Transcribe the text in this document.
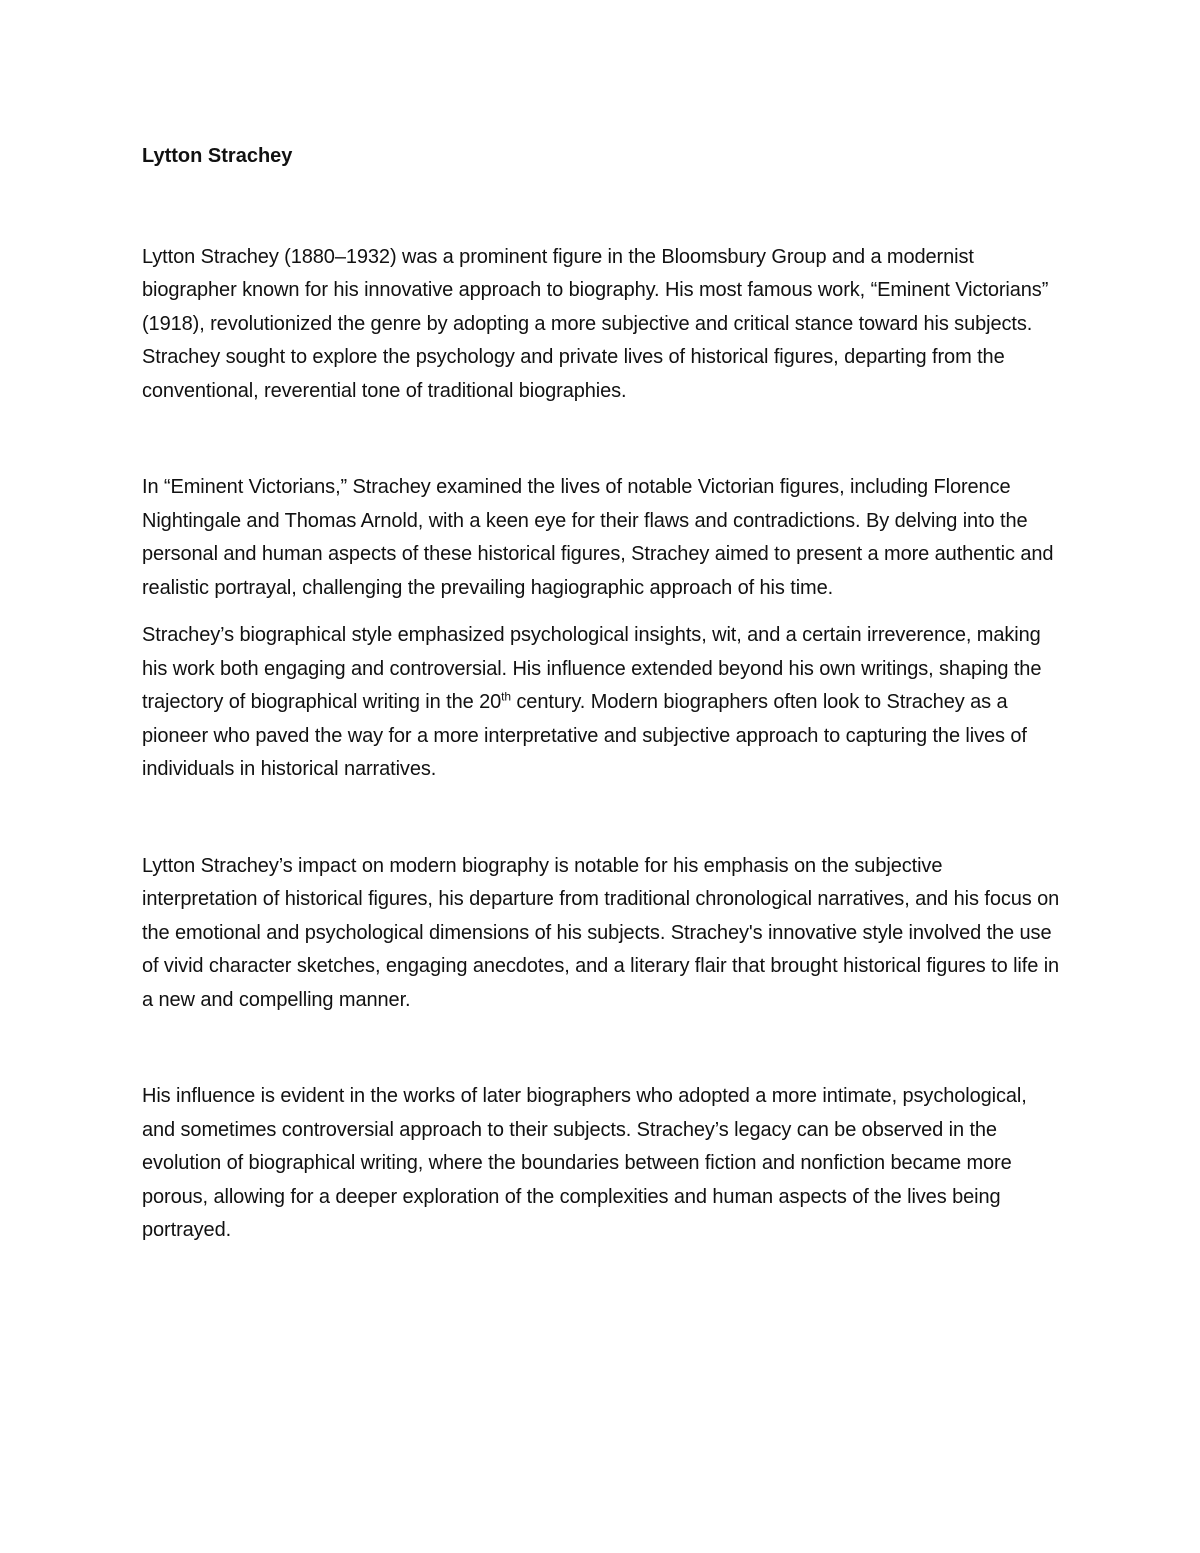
Lytton Strachey

Lytton Strachey (1880–1932) was a prominent figure in the Bloomsbury Group and a modernist biographer known for his innovative approach to biography. His most famous work, “Eminent Victorians” (1918), revolutionized the genre by adopting a more subjective and critical stance toward his subjects. Strachey sought to explore the psychology and private lives of historical figures, departing from the conventional, reverential tone of traditional biographies.

In “Eminent Victorians,” Strachey examined the lives of notable Victorian figures, including Florence Nightingale and Thomas Arnold, with a keen eye for their flaws and contradictions. By delving into the personal and human aspects of these historical figures, Strachey aimed to present a more authentic and realistic portrayal, challenging the prevailing hagiographic approach of his time.

Strachey’s biographical style emphasized psychological insights, wit, and a certain irreverence, making his work both engaging and controversial. His influence extended beyond his own writings, shaping the trajectory of biographical writing in the 20th century. Modern biographers often look to Strachey as a pioneer who paved the way for a more interpretative and subjective approach to capturing the lives of individuals in historical narratives.

Lytton Strachey’s impact on modern biography is notable for his emphasis on the subjective interpretation of historical figures, his departure from traditional chronological narratives, and his focus on the emotional and psychological dimensions of his subjects. Strachey's innovative style involved the use of vivid character sketches, engaging anecdotes, and a literary flair that brought historical figures to life in a new and compelling manner.

His influence is evident in the works of later biographers who adopted a more intimate, psychological, and sometimes controversial approach to their subjects. Strachey’s legacy can be observed in the evolution of biographical writing, where the boundaries between fiction and nonfiction became more porous, allowing for a deeper exploration of the complexities and human aspects of the lives being portrayed.
